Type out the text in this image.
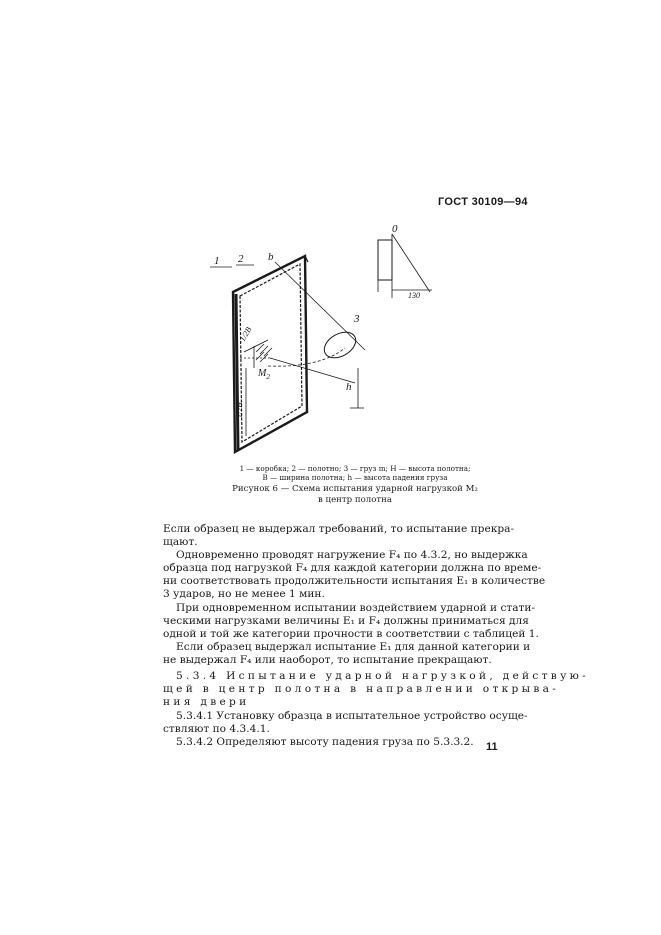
ГОСТ 30109—94
1 2 b
0
130
3
1/2B
1/2H
$M_2$
h
1 — коробка; 2 — полотно; 3 — груз m; H — высота полотна;
B — ширина полотна; h — высота падения груза
Рисунок 6 — Схема испытания ударной нагрузкой M₂
в центр полотна
Если образец не выдержал требований, то испытание прекра-
щают.
Одновременно проводят нагружение F₄ по 4.3.2, но выдержка
образца под нагрузкой F₄ для каждой категории должна по време-
ни соответствовать продолжительности испытания E₁ в количестве
3 ударов, но не менее 1 мин.
При одновременном испытании воздействием ударной и стати-
ческими нагрузками величины E₁ и F₄ должны приниматься для
одной и той же категории прочности в соответствии с таблицей 1.
Если образец выдержал испытание E₁ для данной категории и
не выдержал F₄ или наоборот, то испытание прекращают.
5.3.4 Испытание ударной нагрузкой, действую-
щей в центр полотна в направлении открыва-
ния двери
5.3.4.1 Установку образца в испытательное устройство осуще-
ствляют по 4.3.4.1.
5.3.4.2 Определяют высоту падения груза по 5.3.3.2. 11
